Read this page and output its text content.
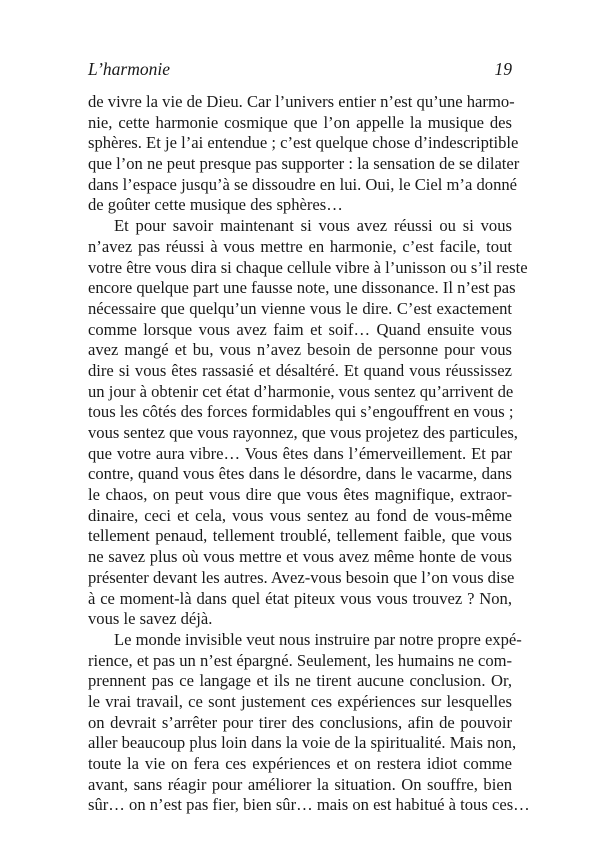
L’harmonie	19
de vivre la vie de Dieu. Car l’univers entier n’est qu’une harmo-
nie, cette harmonie cosmique que l’on appelle la musique des
sphères. Et je l’ai entendue ; c’est quelque chose d’indescriptible
que l’on ne peut presque pas supporter : la sensation de se dilater
dans l’espace jusqu’à se dissoudre en lui. Oui, le Ciel m’a donné
de goûter cette musique des sphères…
Et pour savoir maintenant si vous avez réussi ou si vous
n’avez pas réussi à vous mettre en harmonie, c’est facile, tout
votre être vous dira si chaque cellule vibre à l’unisson ou s’il reste
encore quelque part une fausse note, une dissonance. Il n’est pas
nécessaire que quelqu’un vienne vous le dire. C’est exactement
comme lorsque vous avez faim et soif… Quand ensuite vous
avez mangé et bu, vous n’avez besoin de personne pour vous
dire si vous êtes rassasié et désaltéré. Et quand vous réussissez
un jour à obtenir cet état d’harmonie, vous sentez qu’arrivent de
tous les côtés des forces formidables qui s’engouffrent en vous ;
vous sentez que vous rayonnez, que vous projetez des particules,
que votre aura vibre… Vous êtes dans l’émerveillement. Et par
contre, quand vous êtes dans le désordre, dans le vacarme, dans
le chaos, on peut vous dire que vous êtes magnifique, extraor-
dinaire, ceci et cela, vous vous sentez au fond de vous-même
tellement penaud, tellement troublé, tellement faible, que vous
ne savez plus où vous mettre et vous avez même honte de vous
présenter devant les autres. Avez-vous besoin que l’on vous dise
à ce moment-là dans quel état piteux vous vous trouvez ? Non,
vous le savez déjà.
Le monde invisible veut nous instruire par notre propre expé-
rience, et pas un n’est épargné. Seulement, les humains ne com-
prennent pas ce langage et ils ne tirent aucune conclusion. Or,
le vrai travail, ce sont justement ces expériences sur lesquelles
on devrait s’arrêter pour tirer des conclusions, afin de pouvoir
aller beaucoup plus loin dans la voie de la spiritualité. Mais non,
toute la vie on fera ces expériences et on restera idiot comme
avant, sans réagir pour améliorer la situation. On souffre, bien
sûr… on n’est pas fier, bien sûr… mais on est habitué à tous ces…
